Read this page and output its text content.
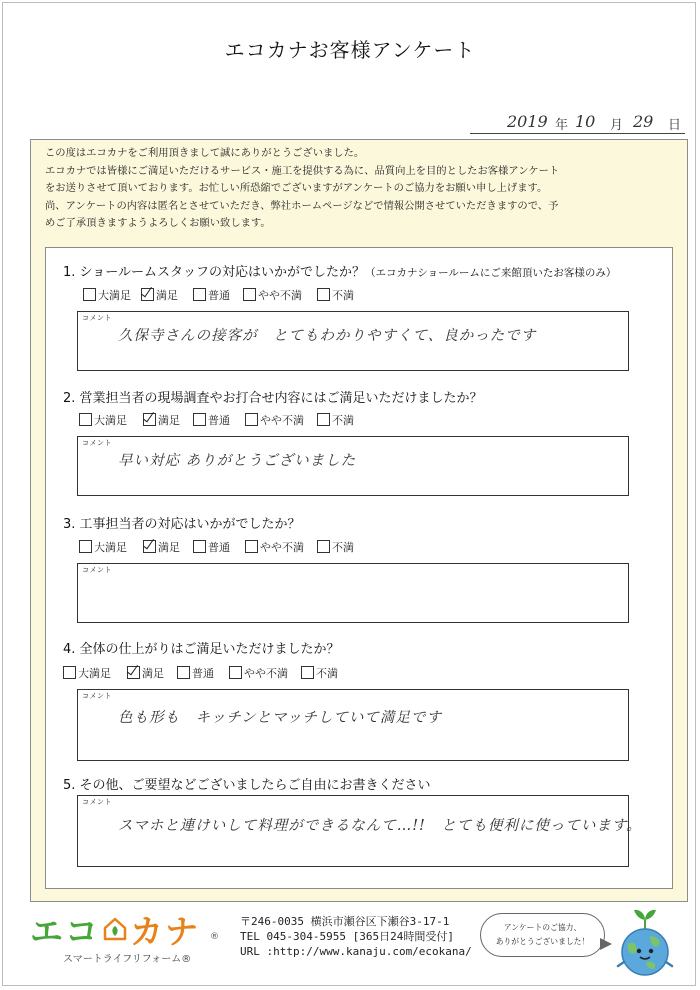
エコカナお客様アンケート
2019 年 10 月 29 日
この度はエコカナをご利用頂きまして誠にありがとうございました。
エコカナでは皆様にご満足いただけるサービス・施工を提供する為に、品質向上を目的としたお客様アンケート
をお送りさせて頂いております。お忙しい所恐縮でございますがアンケートのご協力をお願い申し上げます。
尚、アンケートの内容は匿名とさせていただき、弊社ホームページなどで情報公開させていただきますので、予
めご了承頂きますようよろしくお願い致します。
1. ショールームスタッフの対応はいかがでしたか？（エコカナショールームにご来館頂いたお客様のみ）
大満足	満足	普通	やや不満	不満
コメント
久保寺さんの接客が　とてもわかりやすくて、良かったです
2. 営業担当者の現場調査やお打合せ内容にはご満足いただけましたか？
大満足	満足	普通	やや不満	不満
コメント
早い対応 ありがとうございました
3. 工事担当者の対応はいかがでしたか？
大満足	満足	普通	やや不満	不満
コメント
4. 全体の仕上がりはご満足いただけましたか？
大満足	満足	普通	やや不満	不満
コメント
色も形も　キッチンとマッチしていて満足です
5. その他、ご要望などございましたらご自由にお書きください
コメント
スマホと連けいして料理ができるなんて…!!　とても便利に使っています。
エコ カナ ®
スマートライフリフォーム®
〒246-0035 横浜市瀬谷区下瀬谷3-17-1
TEL 045-304-5955 [365日24時間受付]
URL :http://www.kanaju.com/ecokana/
アンケートのご協力、
ありがとうございました！
